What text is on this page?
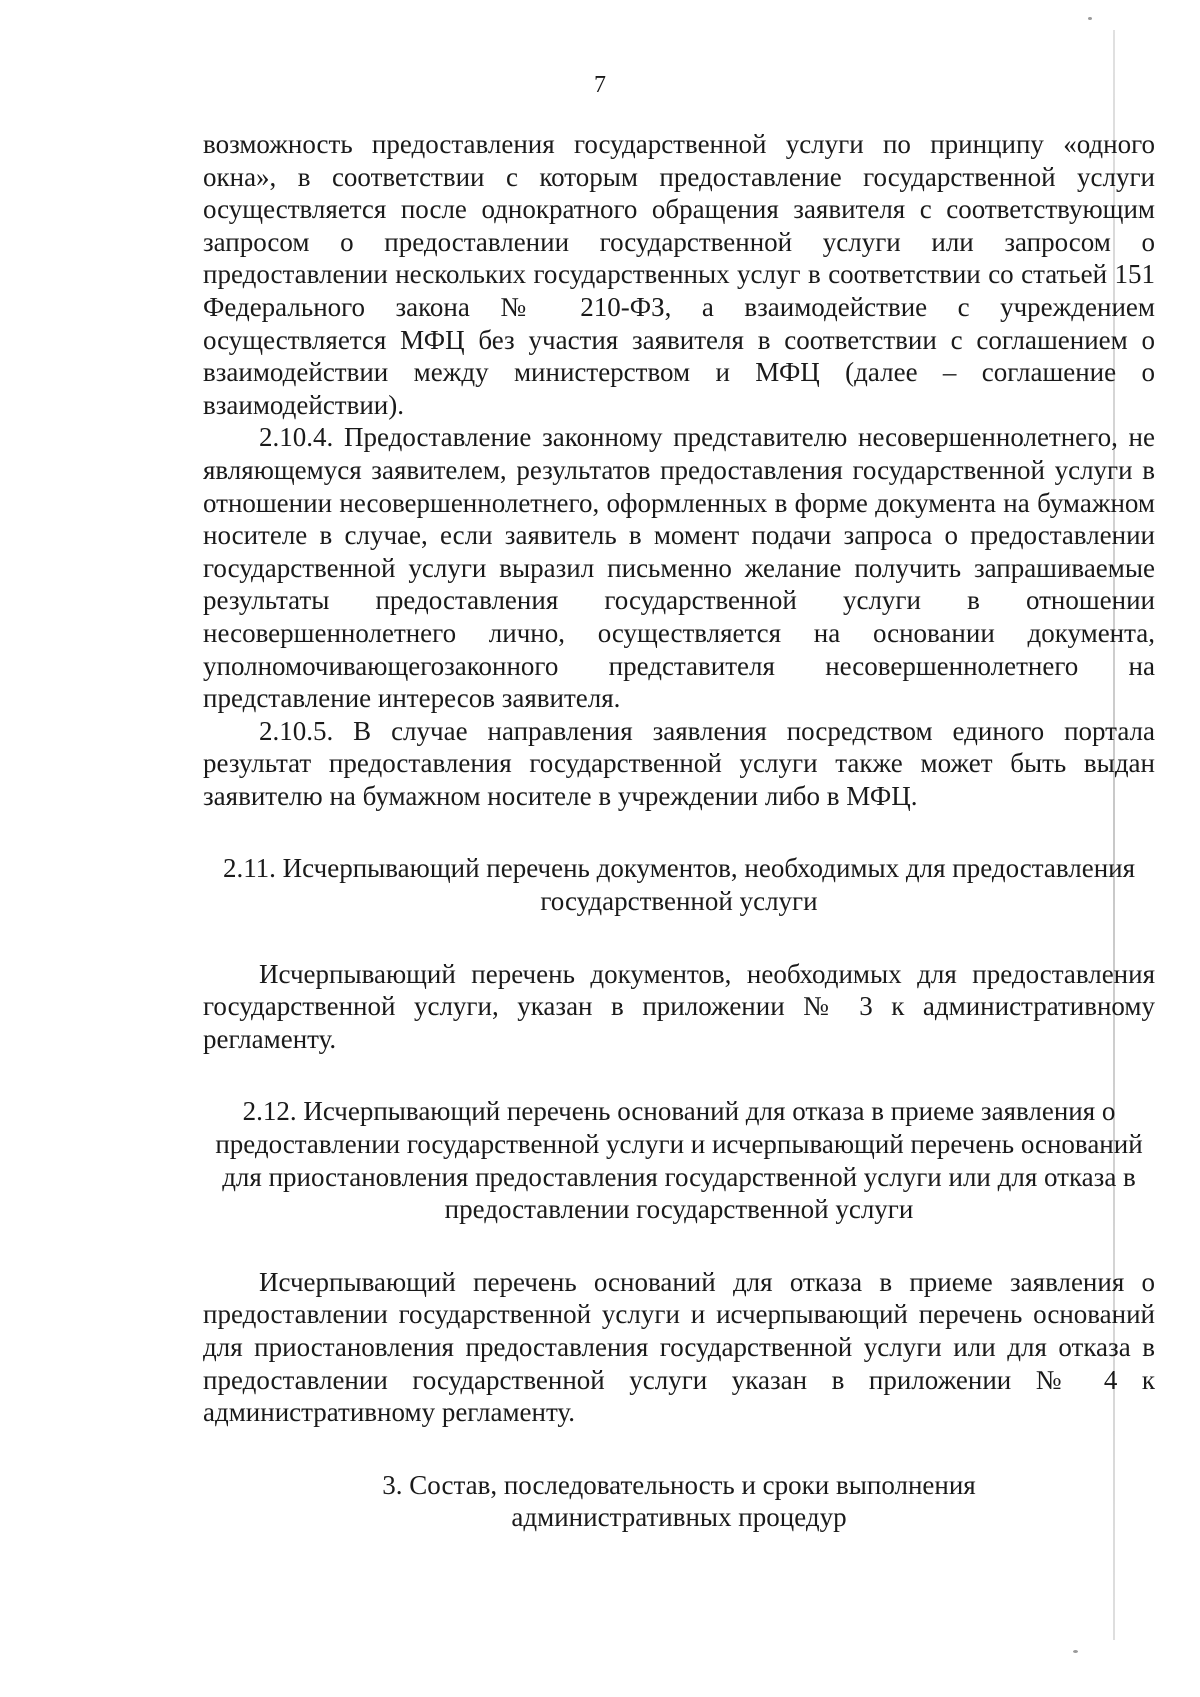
7

возможность предоставления государственной услуги по принципу «одного окна», в соответствии с которым предоставление государственной услуги осуществляется после однократного обращения заявителя с соответствующим запросом о предоставлении государственной услуги или запросом о предоставлении нескольких государственных услуг в соответствии со статьей 151 Федерального закона № 210-ФЗ, а взаимодействие с учреждением осуществляется МФЦ без участия заявителя в соответствии с соглашением о взаимодействии между министерством и МФЦ (далее – соглашение о взаимодействии).

2.10.4. Предоставление законному представителю несовершеннолетнего, не являющемуся заявителем, результатов предоставления государственной услуги в отношении несовершеннолетнего, оформленных в форме документа на бумажном носителе в случае, если заявитель в момент подачи запроса о предоставлении государственной услуги выразил письменно желание получить запрашиваемые результаты предоставления государственной услуги в отношении несовершеннолетнего лично, осуществляется на основании документа, уполномочивающегозаконного представителя несовершеннолетнего на представление интересов заявителя.

2.10.5. В случае направления заявления посредством единого портала результат предоставления государственной услуги также может быть выдан заявителю на бумажном носителе в учреждении либо в МФЦ.

2.11. Исчерпывающий перечень документов, необходимых для предоставления государственной услуги

Исчерпывающий перечень документов, необходимых для предоставления государственной услуги, указан в приложении № 3 к административному регламенту.

2.12. Исчерпывающий перечень оснований для отказа в приеме заявления о предоставлении государственной услуги и исчерпывающий перечень оснований для приостановления предоставления государственной услуги или для отказа в предоставлении государственной услуги

Исчерпывающий перечень оснований для отказа в приеме заявления о предоставлении государственной услуги и исчерпывающий перечень оснований для приостановления предоставления государственной услуги или для отказа в предоставлении государственной услуги указан в приложении № 4 к административному регламенту.

3. Состав, последовательность и сроки выполнения административных процедур
